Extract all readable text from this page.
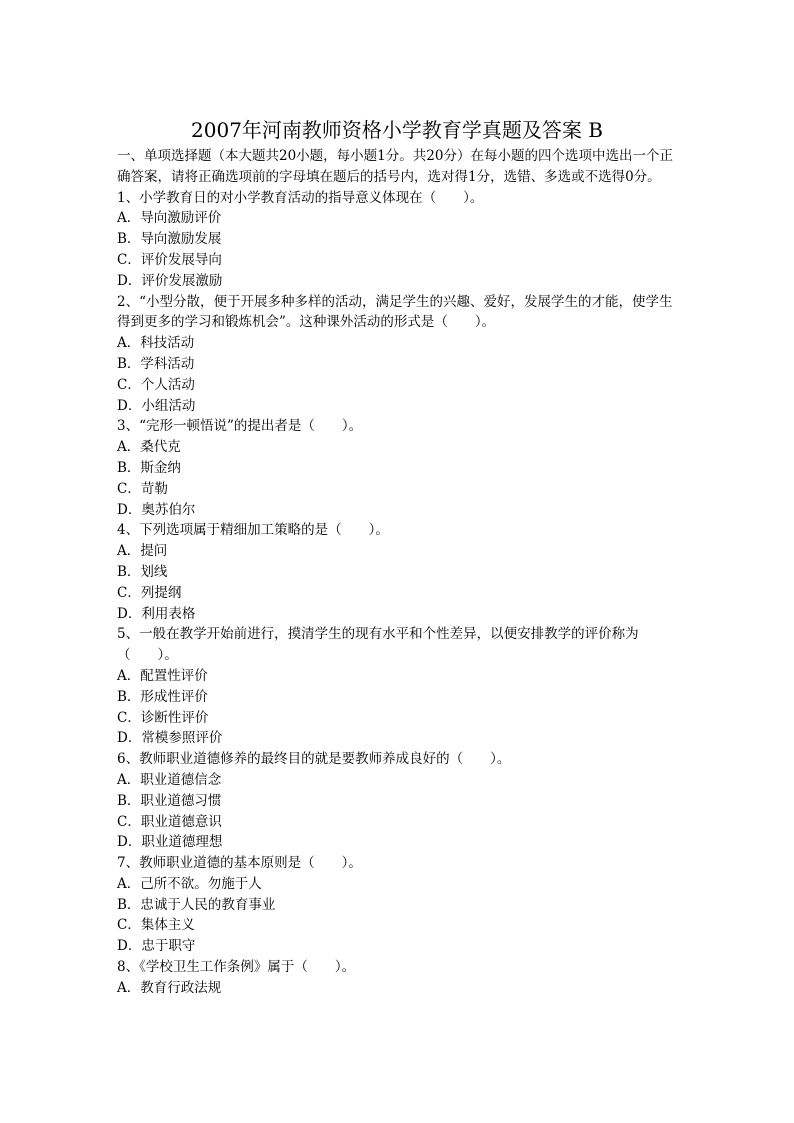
2007年河南教师资格小学教育学真题及答案 B

一、单项选择题（本大题共20小题，每小题1分。共20分）在每小题的四个选项中选出一个正确答案，请将正确选项前的字母填在题后的括号内，选对得1分，选错、多选或不选得0分。

1、小学教育日的对小学教育活动的指导意义体现在（　　）。

A．导向激励评价

B．导向激励发展

C．评价发展导向

D．评价发展激励

2、“小型分散，便于开展多种多样的活动，满足学生的兴趣、爱好，发展学生的才能，使学生得到更多的学习和锻炼机会”。这种课外活动的形式是（　　）。

A．科技活动

B．学科活动

C．个人活动

D．小组活动

3、“完形一顿悟说”的提出者是（　　）。

A．桑代克

B．斯金纳

C．苛勒

D．奥苏伯尔

4、下列选项属于精细加工策略的是（　　）。

A．提问

B．划线

C．列提纲

D．利用表格

5、一般在教学开始前进行，摸清学生的现有水平和个性差异，以便安排教学的评价称为（　　）。

A．配置性评价

B．形成性评价

C．诊断性评价

D．常模参照评价

6、教师职业道德修养的最终目的就是要教师养成良好的（　　）。

A．职业道德信念

B．职业道德习惯

C．职业道德意识

D．职业道德理想

7、教师职业道德的基本原则是（　　）。

A．己所不欲。勿施于人

B．忠诚于人民的教育事业

C．集体主义

D．忠于职守

8、《学校卫生工作条例》属于（　　）。

A．教育行政法规
